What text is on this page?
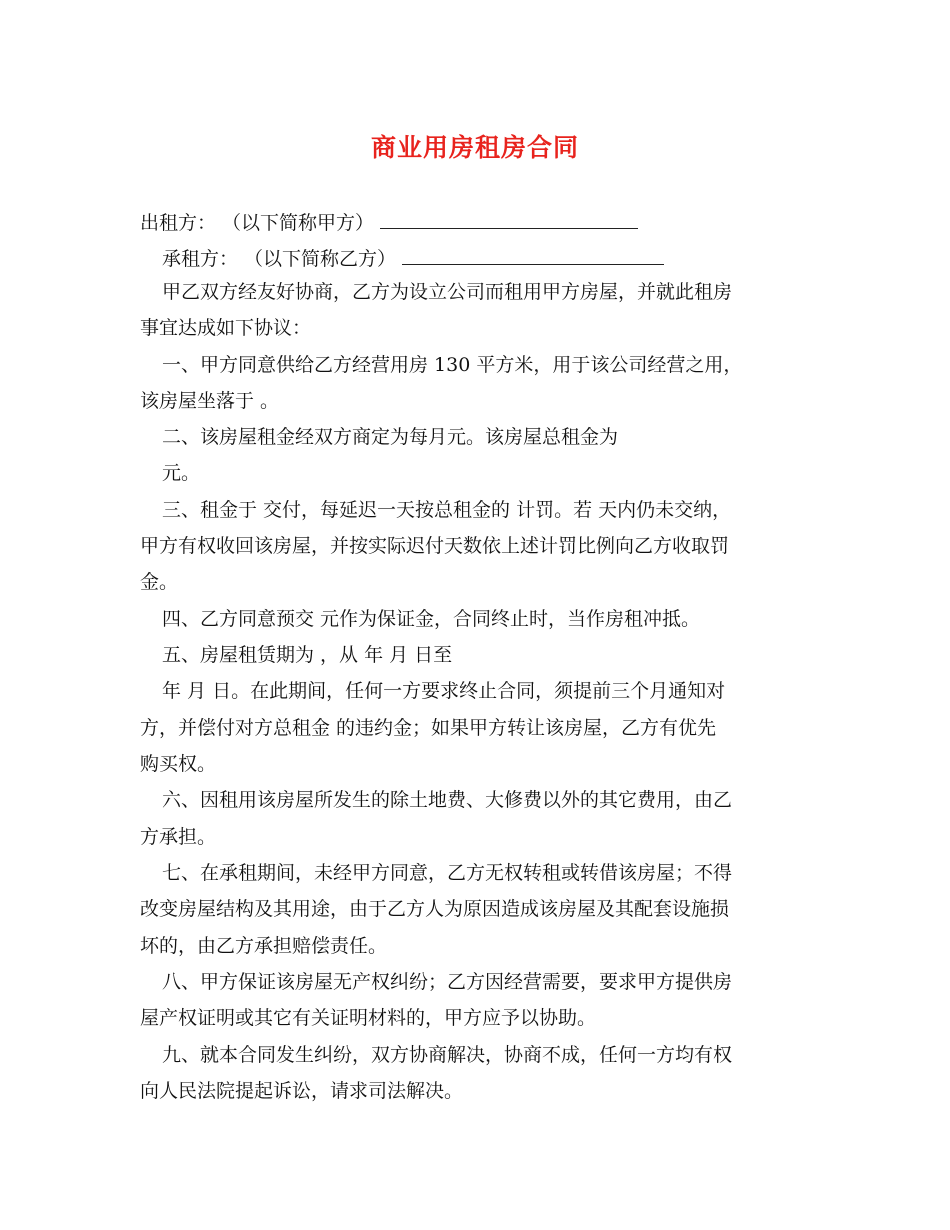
商业用房租房合同
出租方： （以下简称甲方）
承租方： （以下简称乙方）
甲乙双方经友好协商，乙方为设立公司而租用甲方房屋，并就此租房
事宜达成如下协议：
一、甲方同意供给乙方经营用房 130 平方米，用于该公司经营之用，
该房屋坐落于 。
二、该房屋租金经双方商定为每月元。该房屋总租金为
元。
三、租金于 交付，每延迟一天按总租金的 计罚。若 天内仍未交纳，
甲方有权收回该房屋，并按实际迟付天数依上述计罚比例向乙方收取罚
金。
四、乙方同意预交 元作为保证金，合同终止时，当作房租冲抵。
五、房屋租赁期为 ，从 年 月 日至
年 月 日。在此期间，任何一方要求终止合同，须提前三个月通知对
方，并偿付对方总租金 的违约金；如果甲方转让该房屋，乙方有优先
购买权。
六、因租用该房屋所发生的除土地费、大修费以外的其它费用，由乙
方承担。
七、在承租期间，未经甲方同意，乙方无权转租或转借该房屋；不得
改变房屋结构及其用途，由于乙方人为原因造成该房屋及其配套设施损
坏的，由乙方承担赔偿责任。
八、甲方保证该房屋无产权纠纷；乙方因经营需要，要求甲方提供房
屋产权证明或其它有关证明材料的，甲方应予以协助。
九、就本合同发生纠纷，双方协商解决，协商不成，任何一方均有权
向人民法院提起诉讼，请求司法解决。
